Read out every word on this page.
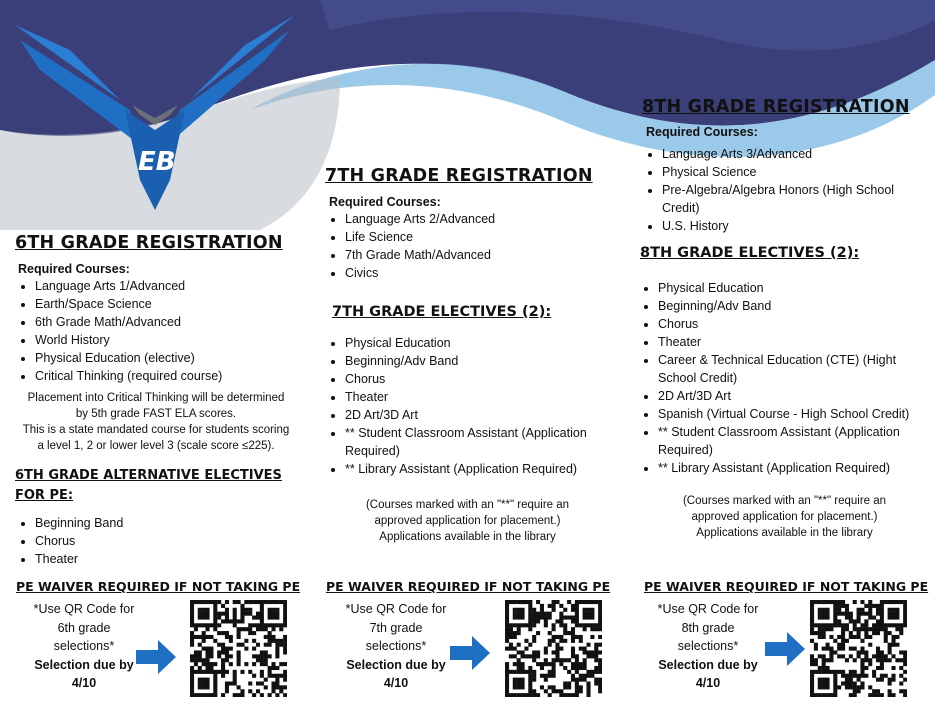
EB

6TH GRADE REGISTRATION

Required Courses:

• Language Arts 1/Advanced
• Earth/Space Science
• 6th Grade Math/Advanced
• World History
• Physical Education (elective)
• Critical Thinking (required course)

Placement into Critical Thinking will be determined

by 5th grade FAST ELA scores.

This is a state mandated course for students scoring

a level 1, 2 or lower level 3 (scale score ≤225).

6TH GRADE ALTERNATIVE ELECTIVES

FOR PE:

• Beginning Band
• Chorus
• Theater
PE WAIVER REQUIRED IF NOT TAKING PE
*Use QR Code for
6th grade
selections*
Selection due by
4/10

7TH GRADE REGISTRATION

Required Courses:

• Language Arts 2/Advanced
• Life Science
• 7th Grade Math/Advanced
• Civics

7TH GRADE ELECTIVES (2):

• Physical Education
• Beginning/Adv Band
• Chorus
• Theater
• 2D Art/3D Art
• ** Student Classroom Assistant (Application Required)
• ** Library Assistant (Application Required)

(Courses marked with an "**" require an

approved application for placement.)

Applications available in the library

PE WAIVER REQUIRED IF NOT TAKING PE
*Use QR Code for
7th grade
selections*
Selection due by
4/10

8TH GRADE REGISTRATION

Required Courses:

• Language Arts 3/Advanced
• Physical Science
• Pre-Algebra/Algebra Honors (High School Credit)
• U.S. History

8TH GRADE ELECTIVES (2):

• Physical Education
• Beginning/Adv Band
• Chorus
• Theater
• Career & Technical Education (CTE) (Hight School Credit)
• 2D Art/3D Art
• Spanish (Virtual Course - High School Credit)
• ** Student Classroom Assistant (Application Required)
• ** Library Assistant (Application Required)

(Courses marked with an "**" require an

approved application for placement.)

Applications available in the library

PE WAIVER REQUIRED IF NOT TAKING PE
*Use QR Code for
8th grade
selections*
Selection due by
4/10
